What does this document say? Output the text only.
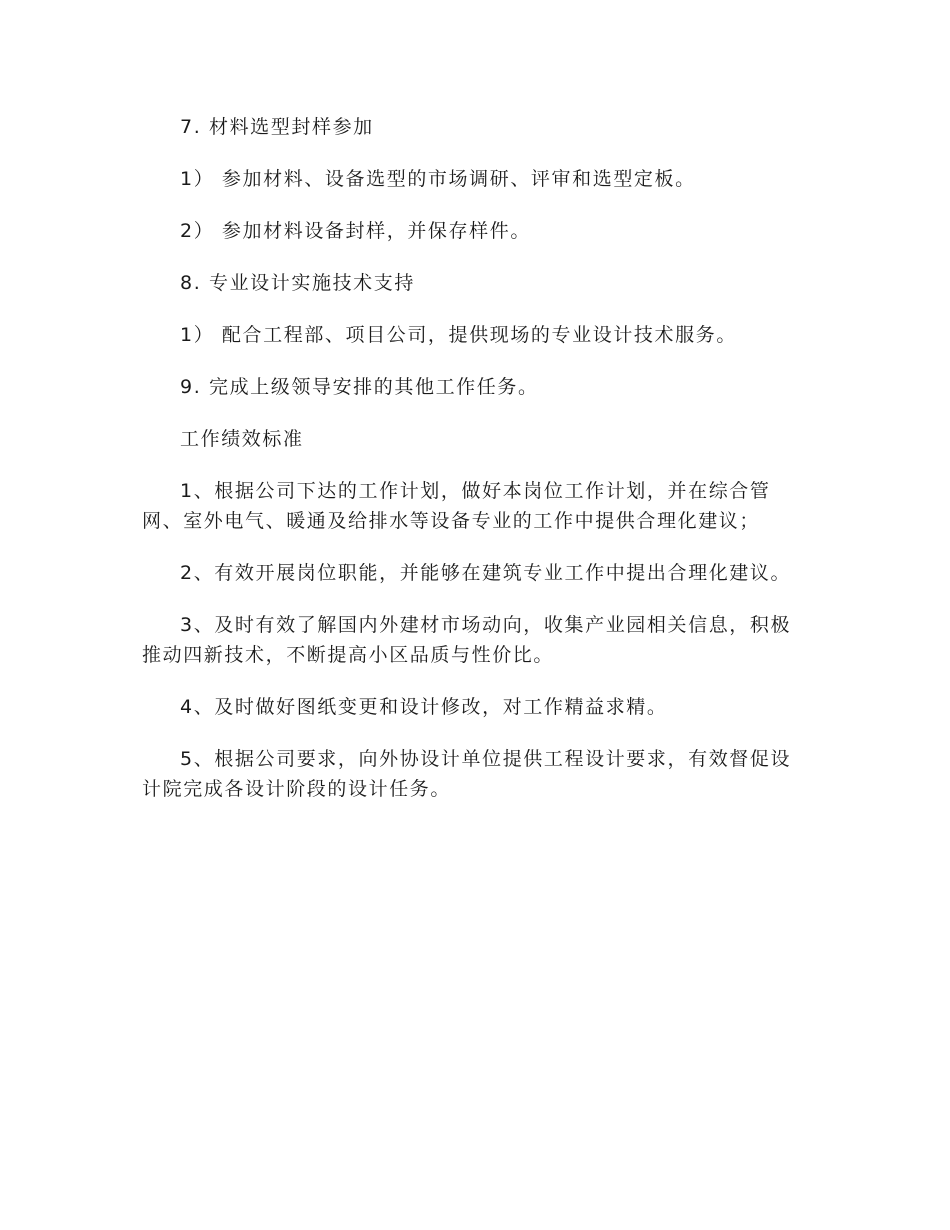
7. 材料选型封样参加

1） 参加材料、设备选型的市场调研、评审和选型定板。

2） 参加材料设备封样，并保存样件。

8. 专业设计实施技术支持

1） 配合工程部、项目公司，提供现场的专业设计技术服务。

9. 完成上级领导安排的其他工作任务。

工作绩效标准

1、根据公司下达的工作计划，做好本岗位工作计划，并在综合管网、室外电气、暖通及给排水等设备专业的工作中提供合理化建议；

2、有效开展岗位职能，并能够在建筑专业工作中提出合理化建议。

3、及时有效了解国内外建材市场动向，收集产业园相关信息，积极推动四新技术，不断提高小区品质与性价比。

4、及时做好图纸变更和设计修改，对工作精益求精。

5、根据公司要求，向外协设计单位提供工程设计要求，有效督促设计院完成各设计阶段的设计任务。
